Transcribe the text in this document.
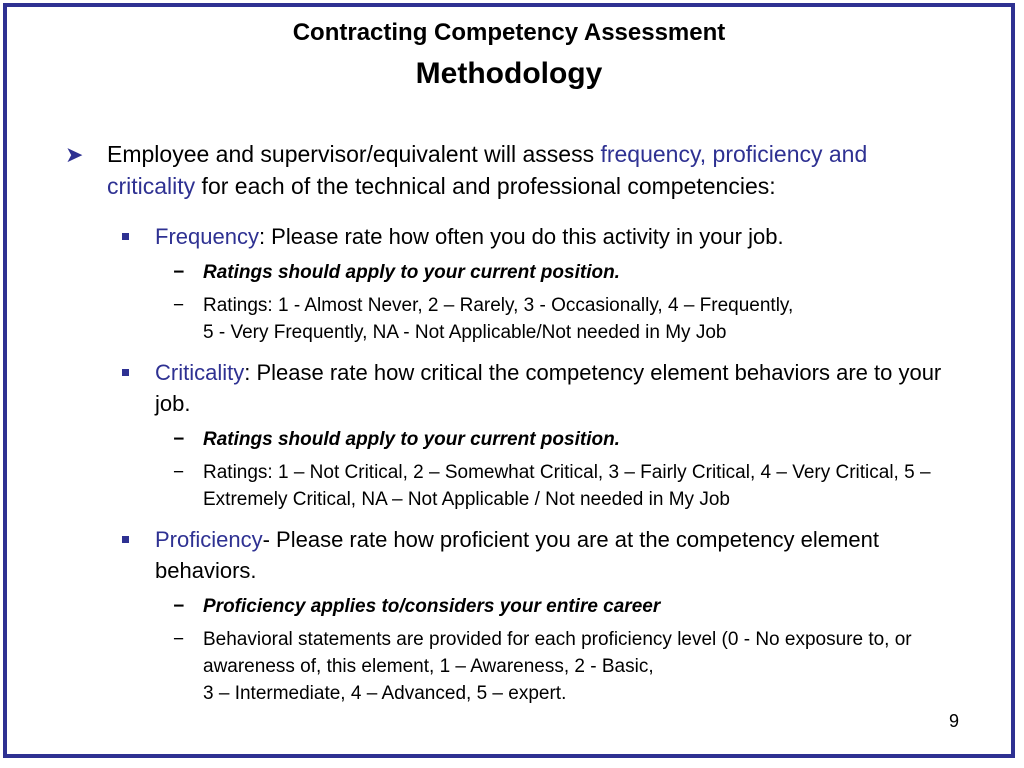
Contracting Competency Assessment
Methodology
➤ Employee and supervisor/equivalent will assess frequency, proficiency and criticality for each of the technical and professional competencies:
Frequency: Please rate how often you do this activity in your job.
− Ratings should apply to your current position.
− Ratings: 1 - Almost Never, 2 – Rarely, 3 - Occasionally, 4 – Frequently,
5 - Very Frequently, NA - Not Applicable/Not needed in My Job
Criticality: Please rate how critical the competency element behaviors are to your job.
− Ratings should apply to your current position.
− Ratings: 1 – Not Critical, 2 – Somewhat Critical, 3 – Fairly Critical, 4 – Very Critical, 5 – Extremely Critical, NA – Not Applicable / Not needed in My Job
Proficiency- Please rate how proficient you are at the competency element behaviors.
− Proficiency applies to/considers your entire career
− Behavioral statements are provided for each proficiency level (0 - No exposure to, or awareness of, this element, 1 – Awareness, 2 - Basic,
3 – Intermediate, 4 – Advanced, 5 – expert.
9
